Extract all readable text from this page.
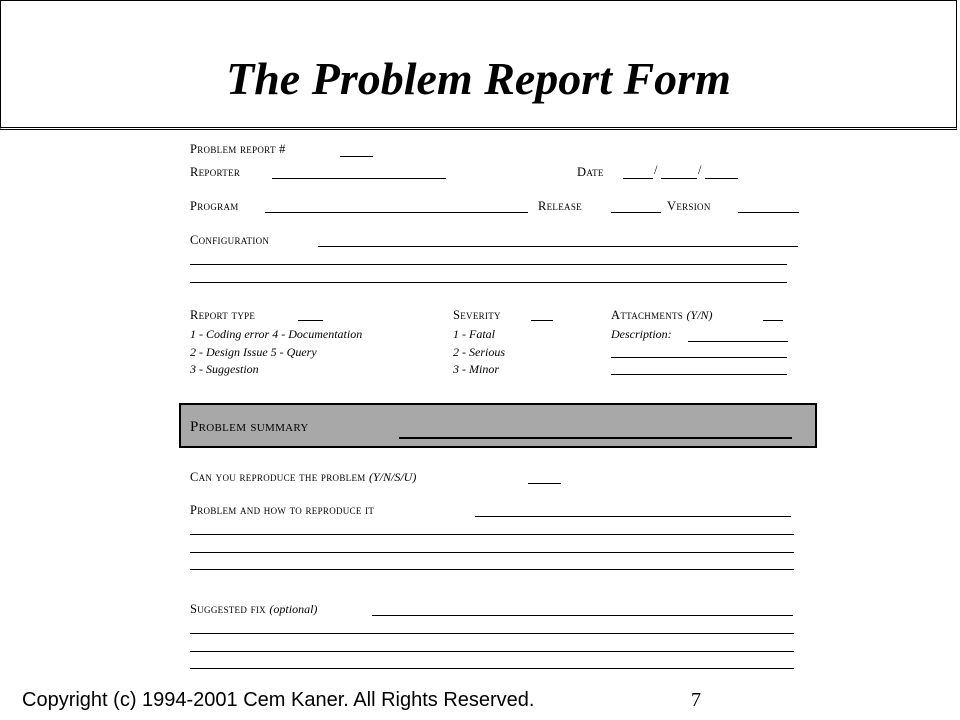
The Problem Report Form
Problem report #
Reporter	Date	/	/
Program	Release	Version
Configuration
Report type
1 - Coding error 4 - Documentation
2 - Design Issue 5 - Query
3 - Suggestion
Severity
1 - Fatal
2 - Serious
3 - Minor
Attachments (Y/N)
Description:
Problem summary
Can you reproduce the problem (Y/N/S/U)
Problem and how to reproduce it
Suggested fix (optional)
Copyright (c) 1994-2001 Cem Kaner. All Rights Reserved.	7
